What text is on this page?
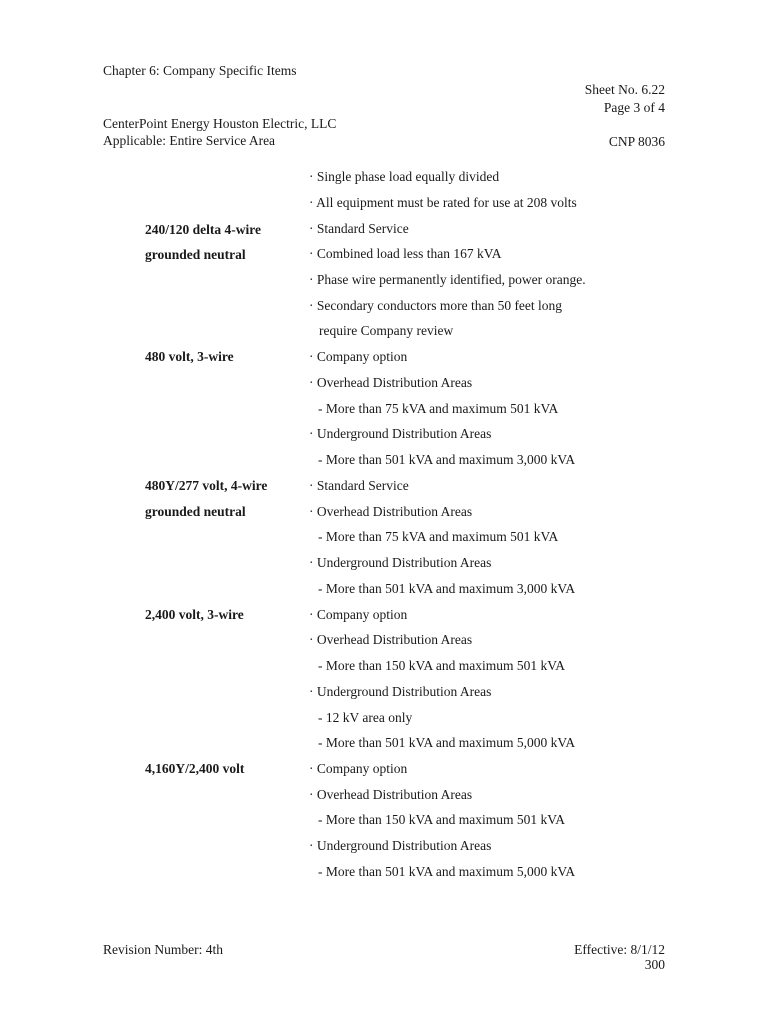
Chapter 6: Company Specific Items
Sheet No. 6.22
Page 3 of 4
CenterPoint Energy Houston Electric, LLC
Applicable: Entire Service Area	CNP 8036
240/120 delta 4-wire
grounded neutral
480 volt, 3-wire
480Y/277 volt, 4-wire
grounded neutral
2,400 volt, 3-wire
4,160Y/2,400 volt
· Single phase load equally divided
· All equipment must be rated for use at 208 volts
· Standard Service
· Combined load less than 167 kVA
· Phase wire permanently identified, power orange.
· Secondary conductors more than 50 feet long
require Company review
· Company option
· Overhead Distribution Areas
- More than 75 kVA and maximum 501 kVA
· Underground Distribution Areas
- More than 501 kVA and maximum 3,000 kVA
· Standard Service
· Overhead Distribution Areas
- More than 75 kVA and maximum 501 kVA
· Underground Distribution Areas
- More than 501 kVA and maximum 3,000 kVA
· Company option
· Overhead Distribution Areas
- More than 150 kVA and maximum 501 kVA
· Underground Distribution Areas
- 12 kV area only
- More than 501 kVA and maximum 5,000 kVA
· Company option
· Overhead Distribution Areas
- More than 150 kVA and maximum 501 kVA
· Underground Distribution Areas
- More than 501 kVA and maximum 5,000 kVA
Revision Number: 4th	Effective: 8/1/12
300
